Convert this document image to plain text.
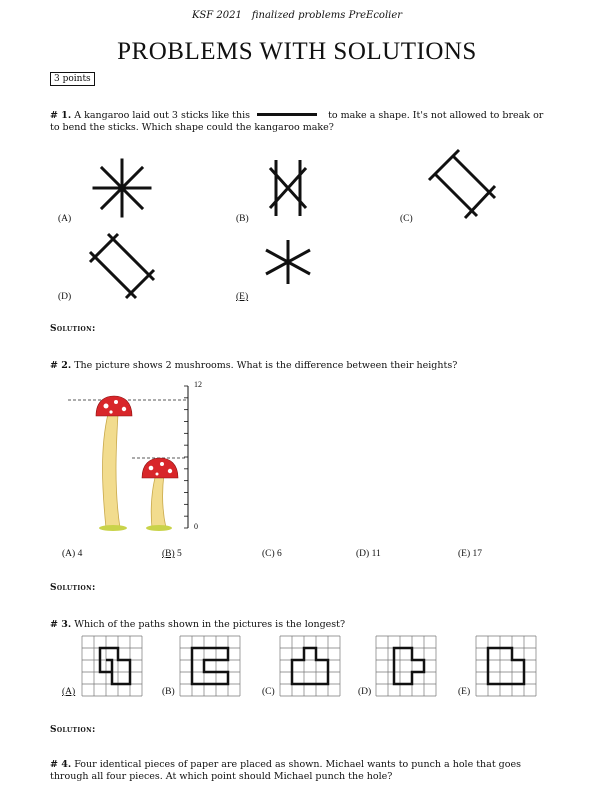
KSF 2021 finalized problems PreEcolier
PROBLEMS WITH SOLUTIONS
3 points
# 1. A kangaroo laid out 3 sticks like this	to make a shape. It's not allowed to break or to bend the sticks. Which shape could the kangaroo make?
(A)	(B)	(C)
(D)	(E)
Solution:
# 2. The picture shows 2 mushrooms. What is the difference between their heights?
12
0
(A) 4	(B) 5	(C) 6	(D) 11	(E) 17
Solution:
# 3. Which of the paths shown in the pictures is the longest?
(A)	(B)	(C)	(D)	(E)
Solution:
# 4. Four identical pieces of paper are placed as shown. Michael wants to punch a hole that goes through all four pieces. At which point should Michael punch the hole?
